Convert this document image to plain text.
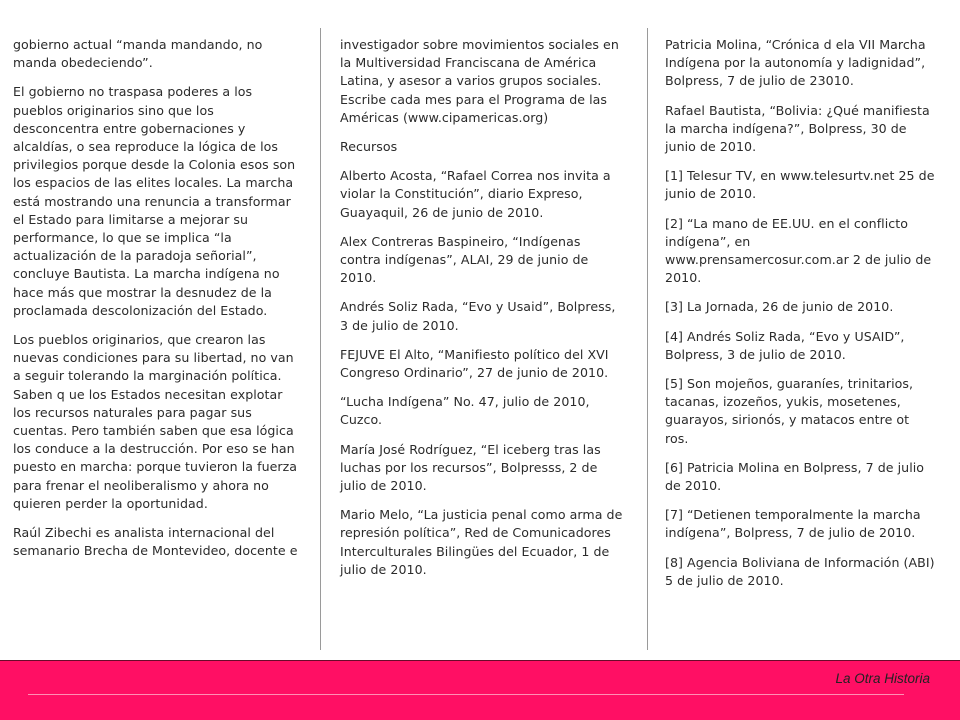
gobierno actual “manda mandando, no manda obedeciendo”.

El gobierno no traspasa poderes a los pueblos originarios sino que los desconcentra entre gobernaciones y alcaldías, o sea reproduce la lógica de los privilegios porque desde la Colonia esos son los espacios de las elites locales. La marcha está mostrando una renuncia a transformar el Estado para limitarse a mejorar su performance, lo que se implica “la actualización de la paradoja señorial”, concluye Bautista. La marcha indígena no hace más que mostrar la desnudez de la proclamada descolonización del Estado.

Los pueblos originarios, que crearon las nuevas condiciones para su libertad, no van a seguir tolerando la marginación política. Saben q ue los Estados necesitan explotar los recursos naturales para pagar sus cuentas. Pero también saben que esa lógica los conduce a la destrucción. Por eso se han puesto en marcha: porque tuvieron la fuerza para frenar el neoliberalismo y ahora no quieren perder la oportunidad.

Raúl Zibechi es analista internacional del semanario Brecha de Montevideo, docente e

investigador sobre movimientos sociales en la Multiversidad Franciscana de América Latina, y asesor a varios grupos sociales. Escribe cada mes para el Programa de las Américas (www.cipamericas.org)

Recursos

Alberto Acosta, “Rafael Correa nos invita a violar la Constitución”, diario Expreso, Guayaquil, 26 de junio de 2010.

Alex Contreras Baspineiro, “Indígenas contra indígenas”, ALAI, 29 de junio de 2010.

Andrés Soliz Rada, “Evo y Usaid”, Bolpress, 3 de julio de 2010.

FEJUVE El Alto, “Manifiesto político del XVI Congreso Ordinario”, 27 de junio de 2010.

“Lucha Indígena” No. 47, julio de 2010, Cuzco.

María José Rodríguez, “El iceberg tras las luchas por los recursos”, Bolpresss, 2 de julio de 2010.

Mario Melo, “La justicia penal como arma de represión política”, Red de Comunicadores Interculturales Bilingües del Ecuador, 1 de julio de 2010.

Patricia Molina, “Crónica d ela VII Marcha Indígena por la autonomía y ladignidad”, Bolpress, 7 de julio de 23010.

Rafael Bautista, “Bolivia: ¿Qué manifiesta la marcha indígena?”, Bolpress, 30 de junio de 2010.

[1] Telesur TV, en www.telesurtv.net 25 de junio de 2010.

[2] “La mano de EE.UU. en el conflicto indígena”, en www.prensamercosur.com.ar 2 de julio de 2010.

[3] La Jornada, 26 de junio de 2010.

[4] Andrés Soliz Rada, “Evo y USAID”, Bolpress, 3 de julio de 2010.

[5] Son mojeños, guaraníes, trinitarios, tacanas, izozeños, yukis, mosetenes, guarayos, sirionós, y matacos entre ot ros.

[6] Patricia Molina en Bolpress, 7 de julio de 2010.

[7] “Detienen temporalmente la marcha indígena”, Bolpress, 7 de julio de 2010.

[8] Agencia Boliviana de Información (ABI) 5 de julio de 2010.

La Otra Historia
